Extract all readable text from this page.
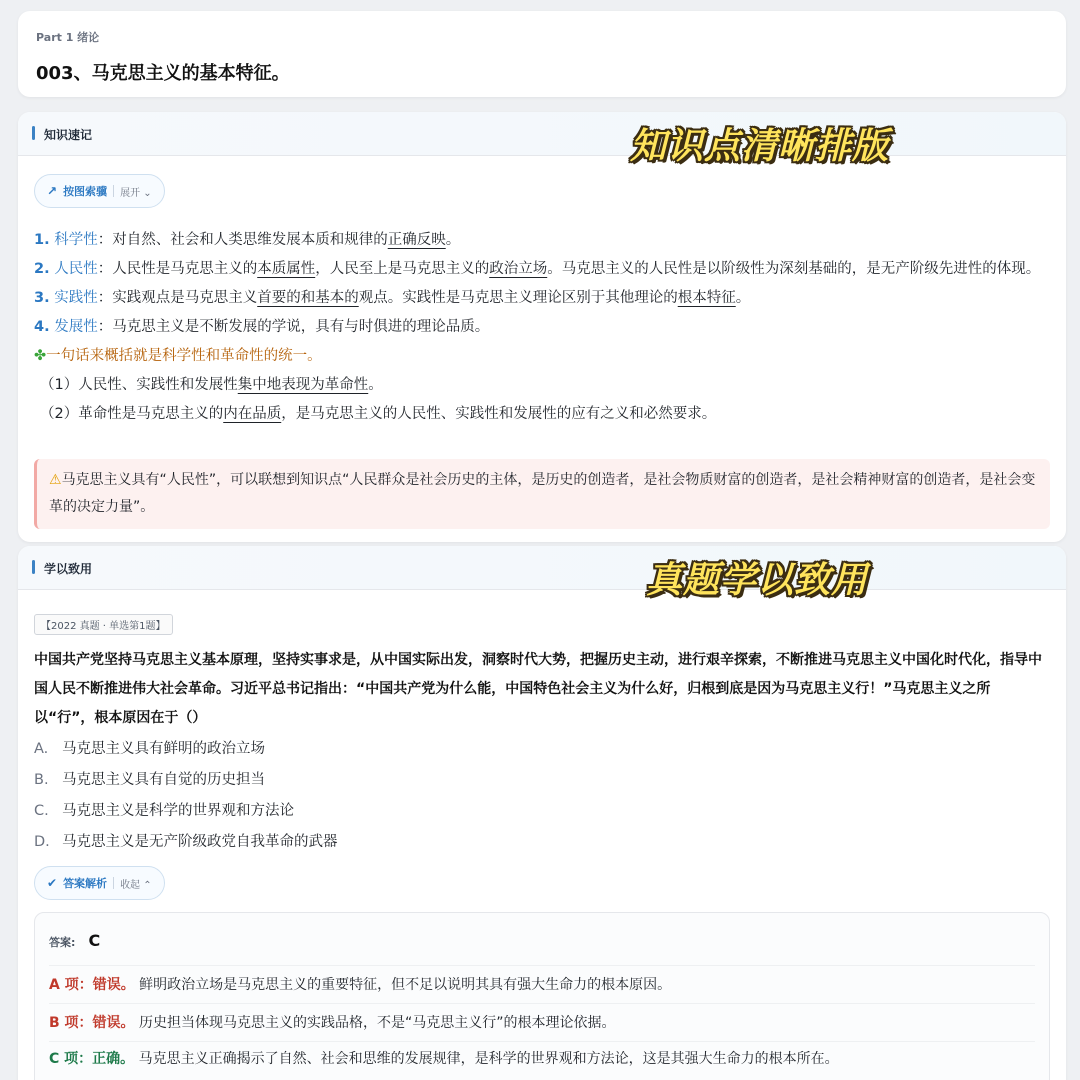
Part 1 绪论
003、马克思主义的基本特征。
知识速记	知识点清晰排版
↗ 按图索骥 展开 ⌄
1. 科学性：对自然、社会和人类思维发展本质和规律的正确反映。
2. 人民性：人民性是马克思主义的本质属性，人民至上是马克思主义的政治立场。马克思主义的人民性是以阶级性为深刻基础的，是无产阶级先进性的体现。
3. 实践性：实践观点是马克思主义首要的和基本的观点。实践性是马克思主义理论区别于其他理论的根本特征。
4. 发展性：马克思主义是不断发展的学说，具有与时俱进的理论品质。
✤一句话来概括就是科学性和革命性的统一。
（1）人民性、实践性和发展性集中地表现为革命性。
（2）革命性是马克思主义的内在品质，是马克思主义的人民性、实践性和发展性的应有之义和必然要求。
⚠马克思主义具有“人民性”，可以联想到知识点“人民群众是社会历史的主体，是历史的创造者，是社会物质财富的创造者，是社会精神财富的创造者，是社会变革的决定力量”。
学以致用	真题学以致用
【2022 真题 · 单选第1题】
中国共产党坚持马克思主义基本原理，坚持实事求是，从中国实际出发，洞察时代大势，把握历史主动，进行艰辛探索，不断推进马克思主义中国化时代化，指导中国人民不断推进伟大社会革命。习近平总书记指出：“中国共产党为什么能，中国特色社会主义为什么好，归根到底是因为马克思主义行！”马克思主义之所以“行”，根本原因在于（）
A. 马克思主义具有鲜明的政治立场
B. 马克思主义具有自觉的历史担当
C. 马克思主义是科学的世界观和方法论
D. 马克思主义是无产阶级政党自我革命的武器
✔ 答案解析 收起 ⌃
答案: C
A 项：错误。 鲜明政治立场是马克思主义的重要特征，但不足以说明其具有强大生命力的根本原因。
B 项：错误。 历史担当体现马克思主义的实践品格，不是“马克思主义行”的根本理论依据。
C 项：正确。 马克思主义正确揭示了自然、社会和思维的发展规律，是科学的世界观和方法论，这是其强大生命力的根本所在。
